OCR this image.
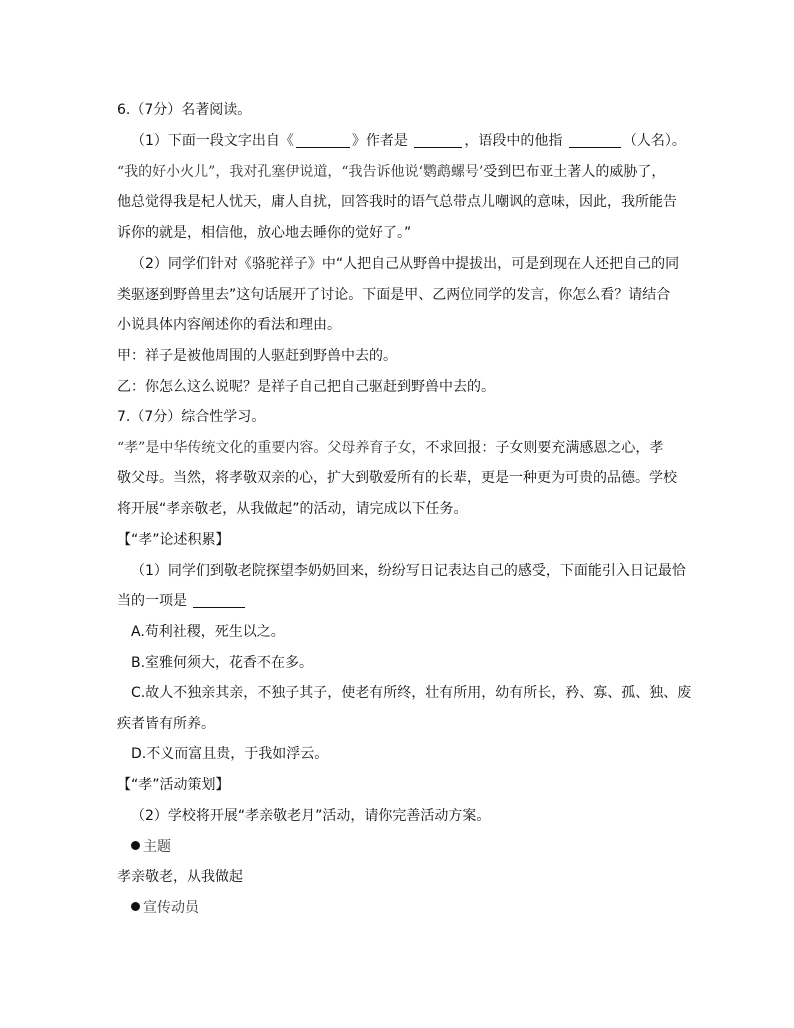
6.（7分）名著阅读。
（1）下面一段文字出自《	》作者是	，语段中的他指	（人名）。
“我的好小火儿”，我对孔塞伊说道，“我告诉他说‘鹦鹉螺号’受到巴布亚土著人的威胁了，
他总觉得我是杞人忧天，庸人自扰，回答我时的语气总带点儿嘲讽的意味，因此，我所能告
诉你的就是，相信他，放心地去睡你的觉好了。”
（2）同学们针对《骆驼祥子》中“人把自己从野兽中提拔出，可是到现在人还把自己的同
类驱逐到野兽里去”这句话展开了讨论。下面是甲、乙两位同学的发言，你怎么看？请结合
小说具体内容阐述你的看法和理由。
甲：祥子是被他周围的人驱赶到野兽中去的。
乙：你怎么这么说呢？是祥子自己把自己驱赶到野兽中去的。
7.（7分）综合性学习。
“孝”是中华传统文化的重要内容。父母养育子女，不求回报：子女则要充满感恩之心，孝
敬父母。当然，将孝敬双亲的心，扩大到敬爱所有的长辈，更是一种更为可贵的品德。学校
将开展“孝亲敬老，从我做起”的活动，请完成以下任务。
【“孝”论述积累】
（1）同学们到敬老院探望李奶奶回来，纷纷写日记表达自己的感受，下面能引入日记最恰
当的一项是
A.苟利社稷，死生以之。
B.室雅何须大，花香不在多。
C.故人不独亲其亲，不独子其子，使老有所终，壮有所用，幼有所长，矜、寡、孤、独、废
疾者皆有所养。
D.不义而富且贵，于我如浮云。
【“孝”活动策划】
（2）学校将开展“孝亲敬老月”活动，请你完善活动方案。
主题
孝亲敬老，从我做起
宣传动员
